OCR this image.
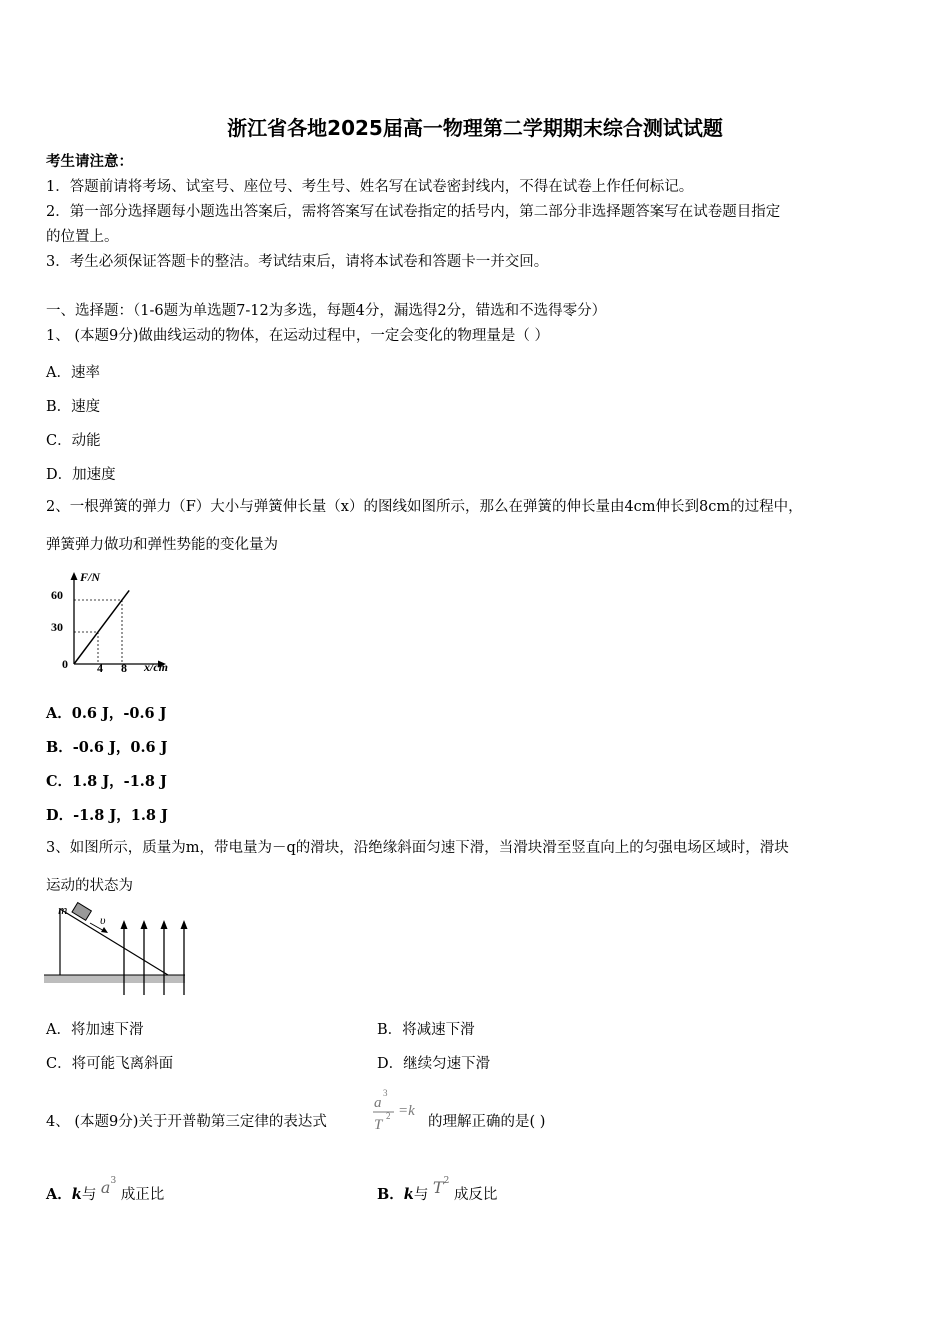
浙江省各地2025届高一物理第二学期期末综合测试试题
考生请注意：
1．答题前请将考场、试室号、座位号、考生号、姓名写在试卷密封线内，不得在试卷上作任何标记。
2．第一部分选择题每小题选出答案后，需将答案写在试卷指定的括号内，第二部分非选择题答案写在试卷题目指定
的位置上。
3．考生必须保证答题卡的整洁。考试结束后，请将本试卷和答题卡一并交回。
一、选择题：（1-6题为单选题7-12为多选，每题4分，漏选得2分，错选和不选得零分）
1、 (本题9分)做曲线运动的物体，在运动过程中，一定会变化的物理量是（ ）
A．速率
B．速度
C．动能
D．加速度
2、一根弹簧的弹力（F）大小与弹簧伸长量（x）的图线如图所示，那么在弹簧的伸长量由4cm伸长到8cm的过程中，
弹簧弹力做功和弹性势能的变化量为
F/N
60
30
0 4 8 x/cm
A．0.6 J，-0.6 J
B．-0.6 J，0.6 J
C．1.8 J，-1.8 J
D．-1.8 J，1.8 J
3、如图所示，质量为m，带电量为－q的滑块，沿绝缘斜面匀速下滑，当滑块滑至竖直向上的匀强电场区域时，滑块
运动的状态为
m
υ
A．将加速下滑	B．将减速下滑
C．将可能飞离斜面	D．继续匀速下滑
4、 (本题9分)关于开普勒第三定律的表达式
a
3
T
2 =k
的理解正确的是( )
A．k与 $a^3$ 成正比	B．k与 $T^2$ 成反比
